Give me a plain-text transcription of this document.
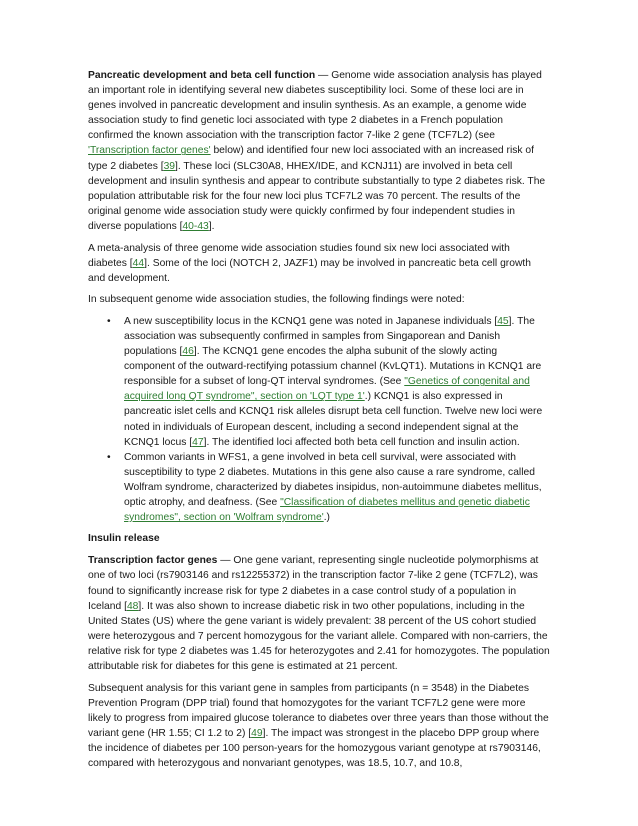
Pancreatic development and beta cell function — Genome wide association analysis has played an important role in identifying several new diabetes susceptibility loci. Some of these loci are in genes involved in pancreatic development and insulin synthesis. As an example, a genome wide association study to find genetic loci associated with type 2 diabetes in a French population confirmed the known association with the transcription factor 7-like 2 gene (TCF7L2) (see 'Transcription factor genes' below) and identified four new loci associated with an increased risk of type 2 diabetes [39]. These loci (SLC30A8, HHEX/IDE, and KCNJ11) are involved in beta cell development and insulin synthesis and appear to contribute substantially to type 2 diabetes risk. The population attributable risk for the four new loci plus TCF7L2 was 70 percent. The results of the original genome wide association study were quickly confirmed by four independent studies in diverse populations [40-43].

A meta-analysis of three genome wide association studies found six new loci associated with diabetes [44]. Some of the loci (NOTCH 2, JAZF1) may be involved in pancreatic beta cell growth and development.

In subsequent genome wide association studies, the following findings were noted:

• A new susceptibility locus in the KCNQ1 gene was noted in Japanese individuals [45]. The association was subsequently confirmed in samples from Singaporean and Danish populations [46]. The KCNQ1 gene encodes the alpha subunit of the slowly acting component of the outward-rectifying potassium channel (KvLQT1). Mutations in KCNQ1 are responsible for a subset of long-QT interval syndromes. (See "Genetics of congenital and acquired long QT syndrome", section on 'LQT type 1'.) KCNQ1 is also expressed in pancreatic islet cells and KCNQ1 risk alleles disrupt beta cell function. Twelve new loci were noted in individuals of European descent, including a second independent signal at the KCNQ1 locus [47]. The identified loci affected both beta cell function and insulin action.
• Common variants in WFS1, a gene involved in beta cell survival, were associated with susceptibility to type 2 diabetes. Mutations in this gene also cause a rare syndrome, called Wolfram syndrome, characterized by diabetes insipidus, non-autoimmune diabetes mellitus, optic atrophy, and deafness. (See "Classification of diabetes mellitus and genetic diabetic syndromes", section on 'Wolfram syndrome'.)

Insulin release

Transcription factor genes — One gene variant, representing single nucleotide polymorphisms at one of two loci (rs7903146 and rs12255372) in the transcription factor 7-like 2 gene (TCF7L2), was found to significantly increase risk for type 2 diabetes in a case control study of a population in Iceland [48]. It was also shown to increase diabetic risk in two other populations, including in the United States (US) where the gene variant is widely prevalent: 38 percent of the US cohort studied were heterozygous and 7 percent homozygous for the variant allele. Compared with non-carriers, the relative risk for type 2 diabetes was 1.45 for heterozygotes and 2.41 for homozygotes. The population attributable risk for diabetes for this gene is estimated at 21 percent.

Subsequent analysis for this variant gene in samples from participants (n = 3548) in the Diabetes Prevention Program (DPP trial) found that homozygotes for the variant TCF7L2 gene were more likely to progress from impaired glucose tolerance to diabetes over three years than those without the variant gene (HR 1.55; CI 1.2 to 2) [49]. The impact was strongest in the placebo DPP group where the incidence of diabetes per 100 person-years for the homozygous variant genotype at rs7903146, compared with heterozygous and nonvariant genotypes, was 18.5, 10.7, and 10.8,
